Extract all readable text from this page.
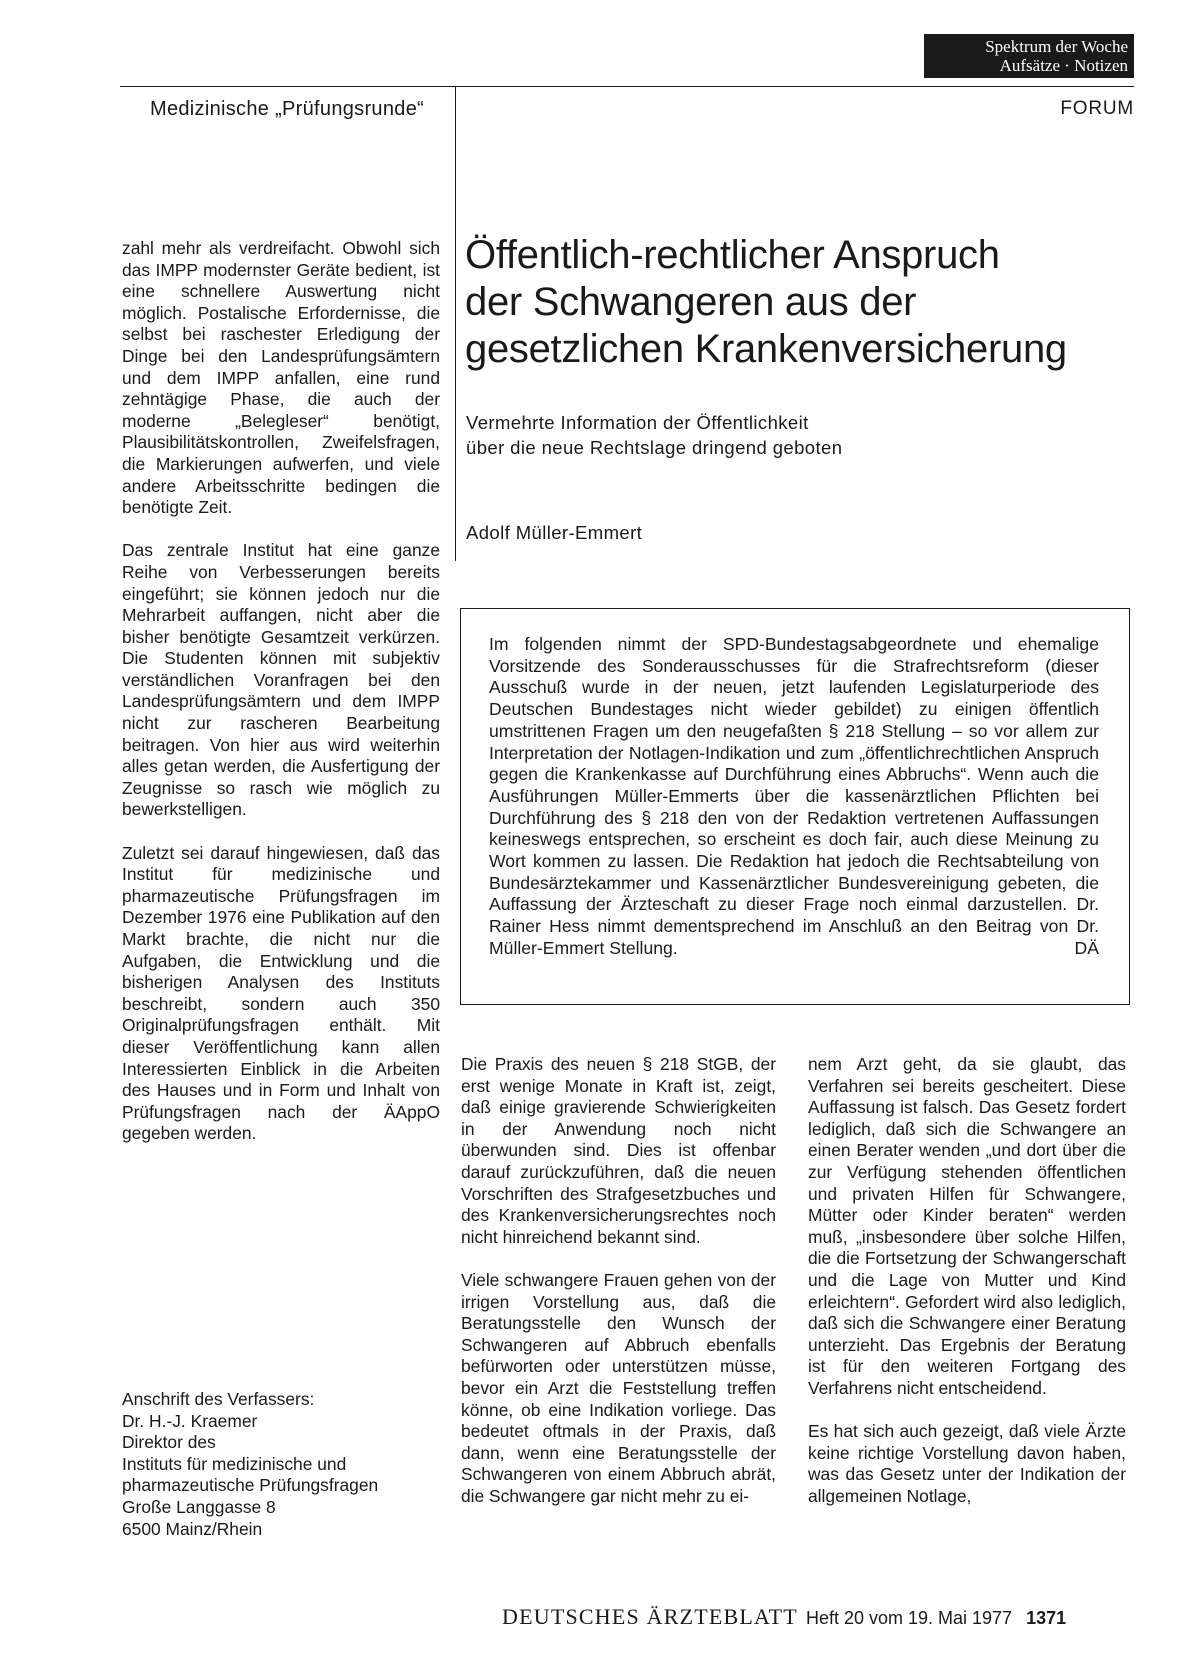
Spektrum der Woche
Aufsätze · Notizen
Medizinische „Prüfungsrunde“	FORUM

zahl mehr als verdreifacht. Obwohl sich das IMPP modernster Geräte bedient, ist eine schnellere Auswertung nicht möglich. Postalische Erfordernisse, die selbst bei raschester Erledigung der Dinge bei den Landesprüfungsämtern und dem IMPP anfallen, eine rund zehntägige Phase, die auch der moderne „Belegleser“ benötigt, Plausibilitätskontrollen, Zweifelsfragen, die Markierungen aufwerfen, und viele andere Arbeitsschritte bedingen die benötigte Zeit.

Das zentrale Institut hat eine ganze Reihe von Verbesserungen bereits eingeführt; sie können jedoch nur die Mehrarbeit auffangen, nicht aber die bisher benötigte Gesamtzeit verkürzen. Die Studenten können mit subjektiv verständlichen Voranfragen bei den Landesprüfungsämtern und dem IMPP nicht zur rascheren Bearbeitung beitragen. Von hier aus wird weiterhin alles getan werden, die Ausfertigung der Zeugnisse so rasch wie möglich zu bewerkstelligen.

Zuletzt sei darauf hingewiesen, daß das Institut für medizinische und pharmazeutische Prüfungsfragen im Dezember 1976 eine Publikation auf den Markt brachte, die nicht nur die Aufgaben, die Entwicklung und die bisherigen Analysen des Instituts beschreibt, sondern auch 350 Originalprüfungsfragen enthält. Mit dieser Veröffentlichung kann allen Interessierten Einblick in die Arbeiten des Hauses und in Form und Inhalt von Prüfungsfragen nach der ÄAppO gegeben werden.

Anschrift des Verfassers:
Dr. H.-J. Kraemer
Direktor des
Instituts für medizinische und
pharmazeutische Prüfungsfragen
Große Langgasse 8
6500 Mainz/Rhein
Öffentlich-rechtlicher Anspruch
der Schwangeren aus der
gesetzlichen Krankenversicherung
Vermehrte Information der Öffentlichkeit
über die neue Rechtslage dringend geboten
Adolf Müller-Emmert

Im folgenden nimmt der SPD-Bundestagsabgeordnete und ehemalige Vorsitzende des Sonderausschusses für die Strafrechtsreform (dieser Ausschuß wurde in der neuen, jetzt laufenden Legislaturperiode des Deutschen Bundestages nicht wieder gebildet) zu einigen öffentlich umstrittenen Fragen um den neugefaßten § 218 Stellung – so vor allem zur Interpretation der Notlagen-Indikation und zum „öffentlichrechtlichen Anspruch gegen die Krankenkasse auf Durchführung eines Abbruchs“. Wenn auch die Ausführungen Müller-Emmerts über die kassenärztlichen Pflichten bei Durchführung des § 218 den von der Redaktion vertretenen Auffassungen keineswegs entsprechen, so erscheint es doch fair, auch diese Meinung zu Wort kommen zu lassen. Die Redaktion hat jedoch die Rechtsabteilung von Bundesärztekammer und Kassenärztlicher Bundesvereinigung gebeten, die Auffassung der Ärzteschaft zu dieser Frage noch einmal darzustellen. Dr. Rainer Hess nimmt dementsprechend im Anschluß an den Beitrag von Dr. Müller-Emmert Stellung.	DÄ

Die Praxis des neuen § 218 StGB, der erst wenige Monate in Kraft ist, zeigt, daß einige gravierende Schwierigkeiten in der Anwendung noch nicht überwunden sind. Dies ist offenbar darauf zurückzuführen, daß die neuen Vorschriften des Strafgesetzbuches und des Krankenversicherungsrechtes noch nicht hinreichend bekannt sind.

Viele schwangere Frauen gehen von der irrigen Vorstellung aus, daß die Beratungsstelle den Wunsch der Schwangeren auf Abbruch ebenfalls befürworten oder unterstützen müsse, bevor ein Arzt die Feststellung treffen könne, ob eine Indikation vorliege. Das bedeutet oftmals in der Praxis, daß dann, wenn eine Beratungsstelle der Schwangeren von einem Abbruch abrät, die Schwangere gar nicht mehr zu ei-

nem Arzt geht, da sie glaubt, das Verfahren sei bereits gescheitert. Diese Auffassung ist falsch. Das Gesetz fordert lediglich, daß sich die Schwangere an einen Berater wenden „und dort über die zur Verfügung stehenden öffentlichen und privaten Hilfen für Schwangere, Mütter oder Kinder beraten“ werden muß, „insbesondere über solche Hilfen, die die Fortsetzung der Schwangerschaft und die Lage von Mutter und Kind erleichtern“. Gefordert wird also lediglich, daß sich die Schwangere einer Beratung unterzieht. Das Ergebnis der Beratung ist für den weiteren Fortgang des Verfahrens nicht entscheidend.

Es hat sich auch gezeigt, daß viele Ärzte keine richtige Vorstellung davon haben, was das Gesetz unter der Indikation der allgemeinen Notlage,

DEUTSCHES ÄRZTEBLATT Heft 20 vom 19. Mai 1977 1371
